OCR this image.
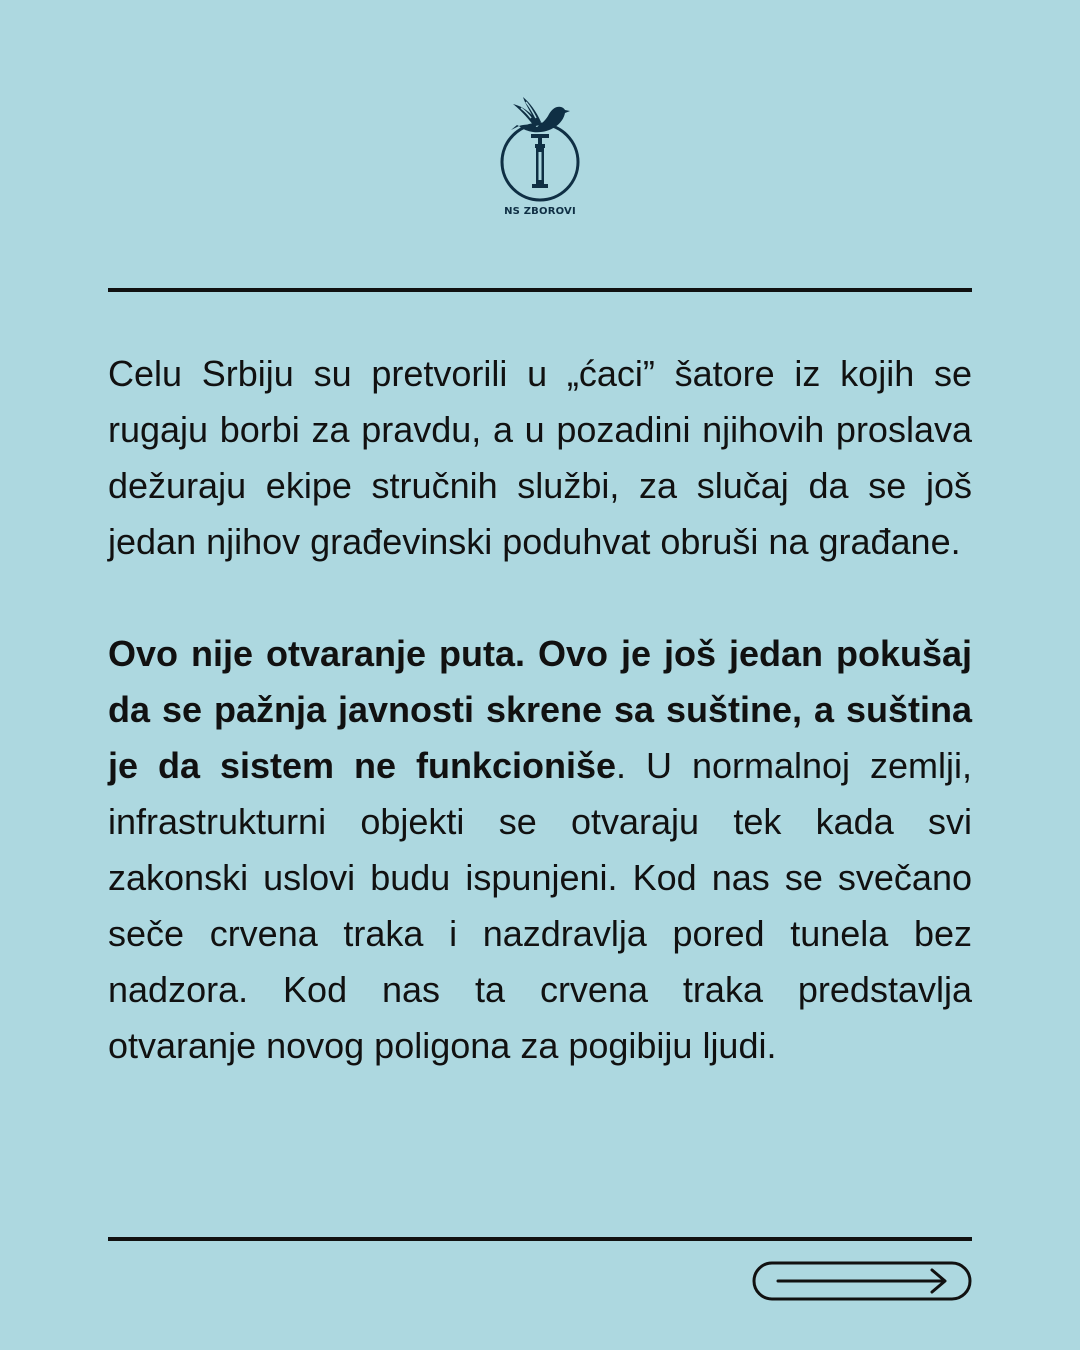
NS ZBOROVI

Celu Srbiju su pretvorili u „ćaci” šatore iz kojih se rugaju borbi za pravdu, a u pozadini njihovih proslava dežuraju ekipe stručnih službi, za slučaj da se još jedan njihov građevinski poduhvat obruši na građane.

Ovo nije otvaranje puta. Ovo je još jedan pokušaj da se pažnja javnosti skrene sa suštine, a suština je da sistem ne funkcioniše. U normalnoj zemlji, infrastrukturni objekti se otvaraju tek kada svi zakonski uslovi budu ispunjeni. Kod nas se svečano seče crvena traka i nazdravlja pored tunela bez nadzora. Kod nas ta crvena traka predstavlja otvaranje novog poligona za pogibiju ljudi.
